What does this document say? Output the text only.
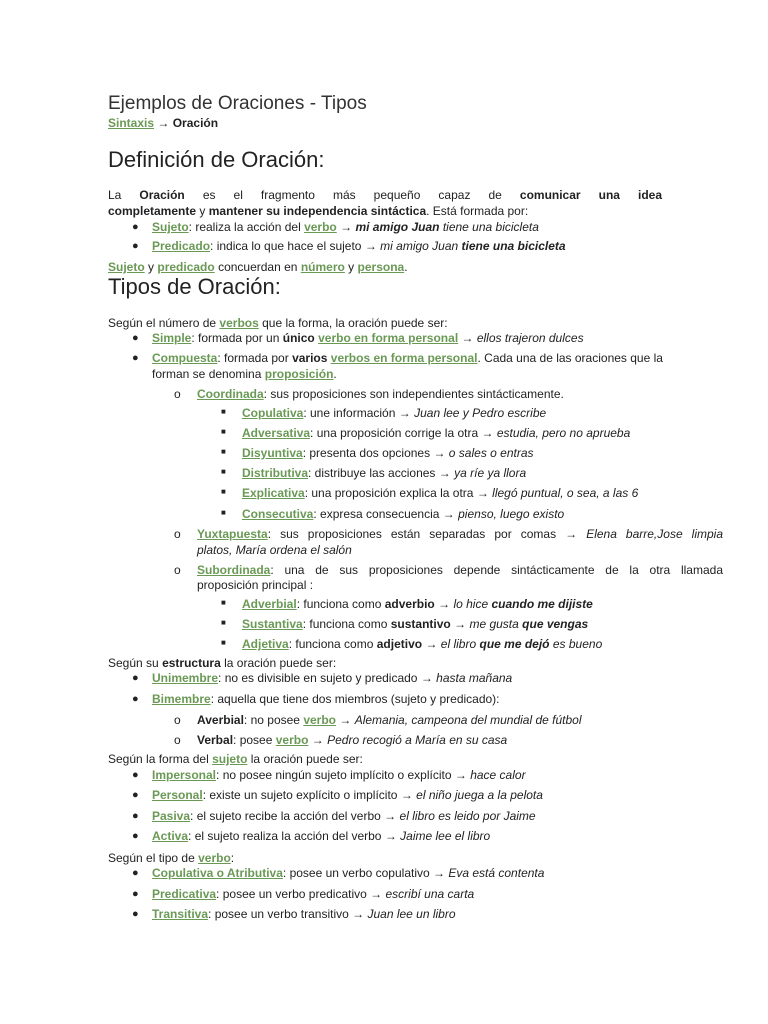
Ejemplos de Oraciones - Tipos
Sintaxis → Oración
Definición de Oración:
La Oración es el fragmento más pequeño capaz de comunicar una idea
completamente y mantener su independencia sintáctica. Está formada por:
● Sujeto: realiza la acción del verbo → mi amigo Juan tiene una bicicleta
● Predicado: indica lo que hace el sujeto → mi amigo Juan tiene una bicicleta
Sujeto y predicado concuerdan en número y persona.
Tipos de Oración:
Según el número de verbos que la forma, la oración puede ser:
● Simple: formada por un único verbo en forma personal → ellos trajeron dulces
● Compuesta: formada por varios verbos en forma personal. Cada una de las oraciones que la
forman se denomina proposición.
o Coordinada: sus proposiciones son independientes sintácticamente.
■ Copulativa: une información → Juan lee y Pedro escribe
■ Adversativa: una proposición corrige la otra → estudia, pero no aprueba
■ Disyuntiva: presenta dos opciones → o sales o entras
■ Distributiva: distribuye las acciones → ya ríe ya llora
■ Explicativa: una proposición explica la otra → llegó puntual, o sea, a las 6
■ Consecutiva: expresa consecuencia → pienso, luego existo
o Yuxtapuesta: sus proposiciones están separadas por comas → Elena barre,Jose limpia
platos, María ordena el salón
o Subordinada: una de sus proposiciones depende sintácticamente de la otra llamada
proposición principal :
■ Adverbial: funciona como adverbio → lo hice cuando me dijiste
■ Sustantiva: funciona como sustantivo → me gusta que vengas
■ Adjetiva: funciona como adjetivo → el libro que me dejó es bueno
Según su estructura la oración puede ser:
● Unimembre: no es divisible en sujeto y predicado → hasta mañana
● Bimembre: aquella que tiene dos miembros (sujeto y predicado):
o Averbial: no posee verbo → Alemania, campeona del mundial de fútbol
o Verbal: posee verbo → Pedro recogió a María en su casa
Según la forma del sujeto la oración puede ser:
● Impersonal: no posee ningún sujeto implícito o explícito → hace calor
● Personal: existe un sujeto explícito o implícito → el niño juega a la pelota
● Pasiva: el sujeto recibe la acción del verbo → el libro es leido por Jaime
● Activa: el sujeto realiza la acción del verbo → Jaime lee el libro
Según el tipo de verbo:
● Copulativa o Atributiva: posee un verbo copulativo → Eva está contenta
● Predicativa: posee un verbo predicativo → escribí una carta
● Transitiva: posee un verbo transitivo → Juan lee un libro
